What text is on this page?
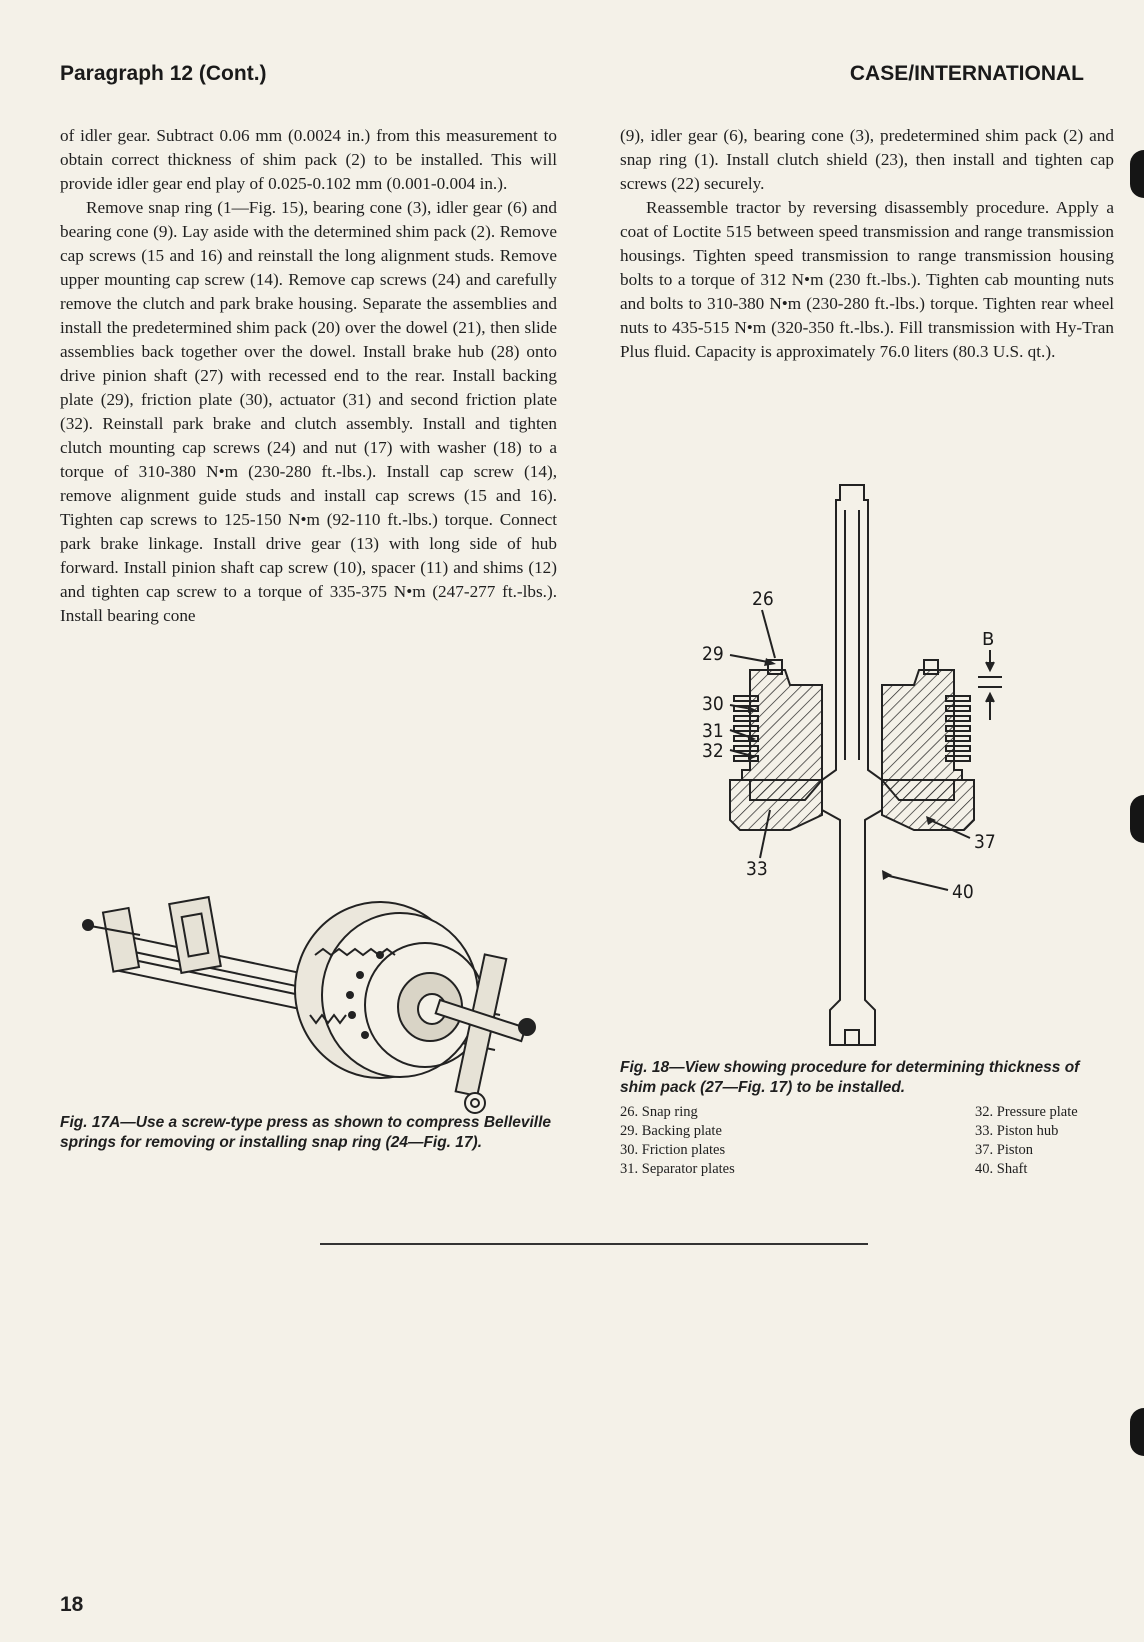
Paragraph 12 (Cont.)	CASE/INTERNATIONAL

of idler gear. Subtract 0.06 mm (0.0024 in.) from this measurement to obtain correct thickness of shim pack (2) to be installed. This will provide idler gear end play of 0.025-0.102 mm (0.001-0.004 in.).

Remove snap ring (1—Fig. 15), bearing cone (3), idler gear (6) and bearing cone (9). Lay aside with the determined shim pack (2). Remove cap screws (15 and 16) and reinstall the long alignment studs. Remove upper mounting cap screw (14). Remove cap screws (24) and carefully remove the clutch and park brake housing. Separate the assemblies and install the predetermined shim pack (20) over the dowel (21), then slide assemblies back together over the dowel. Install brake hub (28) onto drive pinion shaft (27) with recessed end to the rear. Install backing plate (29), friction plate (30), actuator (31) and second friction plate (32). Reinstall park brake and clutch assembly. Install and tighten clutch mounting cap screws (24) and nut (17) with washer (18) to a torque of 310-380 N•m (230-280 ft.-lbs.). Install cap screw (14), remove alignment guide studs and install cap screws (15 and 16). Tighten cap screws to 125-150 N•m (92-110 ft.-lbs.) torque. Connect park brake linkage. Install drive gear (13) with long side of hub forward. Install pinion shaft cap screw (10), spacer (11) and shims (12) and tighten cap screw to a torque of 335-375 N•m (247-277 ft.-lbs.). Install bearing cone

(9), idler gear (6), bearing cone (3), predetermined shim pack (2) and snap ring (1). Install clutch shield (23), then install and tighten cap screws (22) securely.

Reassemble tractor by reversing disassembly procedure. Apply a coat of Loctite 515 between speed transmission and range transmission housings. Tighten speed transmission to range transmission housing bolts to a torque of 312 N•m (230 ft.-lbs.). Tighten cab mounting nuts and bolts to 310-380 N•m (230-280 ft.-lbs.) torque. Tighten rear wheel nuts to 435-515 N•m (320-350 ft.-lbs.). Fill transmission with Hy-Tran Plus fluid. Capacity is approximately 76.0 liters (80.3 U.S. qt.).

26
29
30
31
32
33
37
40
B
Fig. 17A—Use a screw-type press as shown to compress Belleville springs for removing or installing snap ring (24—Fig. 17).
Fig. 18—View showing procedure for determining thickness of shim pack (27—Fig. 17) to be installed.
26. Snap ring
29. Backing plate
30. Friction plates
31. Separator plates
32. Pressure plate
33. Piston hub
37. Piston
40. Shaft
18
